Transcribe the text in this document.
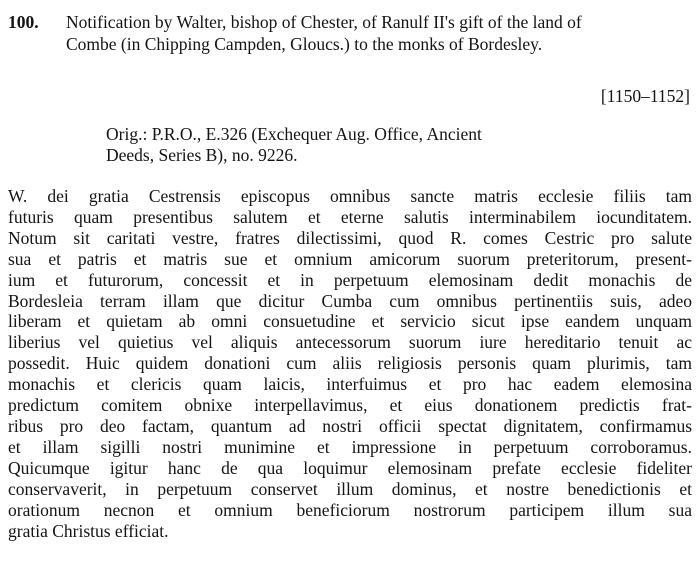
100. Notification by Walter, bishop of Chester, of Ranulf II's gift of the land of
Combe (in Chipping Campden, Gloucs.) to the monks of Bordesley.
[1150–1152]
Orig.: P.R.O., E.326 (Exchequer Aug. Office, Ancient
Deeds, Series B), no. 9226.
W. dei gratia Cestrensis episcopus omnibus sancte matris ecclesie filiis tam
futuris quam presentibus salutem et eterne salutis interminabilem iocunditatem.
Notum sit caritati vestre, fratres dilectissimi, quod R. comes Cestric pro salute
sua et patris et matris sue et omnium amicorum suorum preteritorum, present-
ium et futurorum, concessit et in perpetuum elemosinam dedit monachis de
Bordesleia terram illam que dicitur Cumba cum omnibus pertinentiis suis, adeo
liberam et quietam ab omni consuetudine et servicio sicut ipse eandem unquam
liberius vel quietius vel aliquis antecessorum suorum iure hereditario tenuit ac
possedit. Huic quidem donationi cum aliis religiosis personis quam plurimis, tam
monachis et clericis quam laicis, interfuimus et pro hac eadem elemosina
predictum comitem obnixe interpellavimus, et eius donationem predictis frat-
ribus pro deo factam, quantum ad nostri officii spectat dignitatem, confirmamus
et illam sigilli nostri munimine et impressione in perpetuum corroboramus.
Quicumque igitur hanc de qua loquimur elemosinam prefate ecclesie fideliter
conservaverit, in perpetuum conservet illum dominus, et nostre benedictionis et
orationum necnon et omnium beneficiorum nostrorum participem illum sua
gratia Christus efficiat.
